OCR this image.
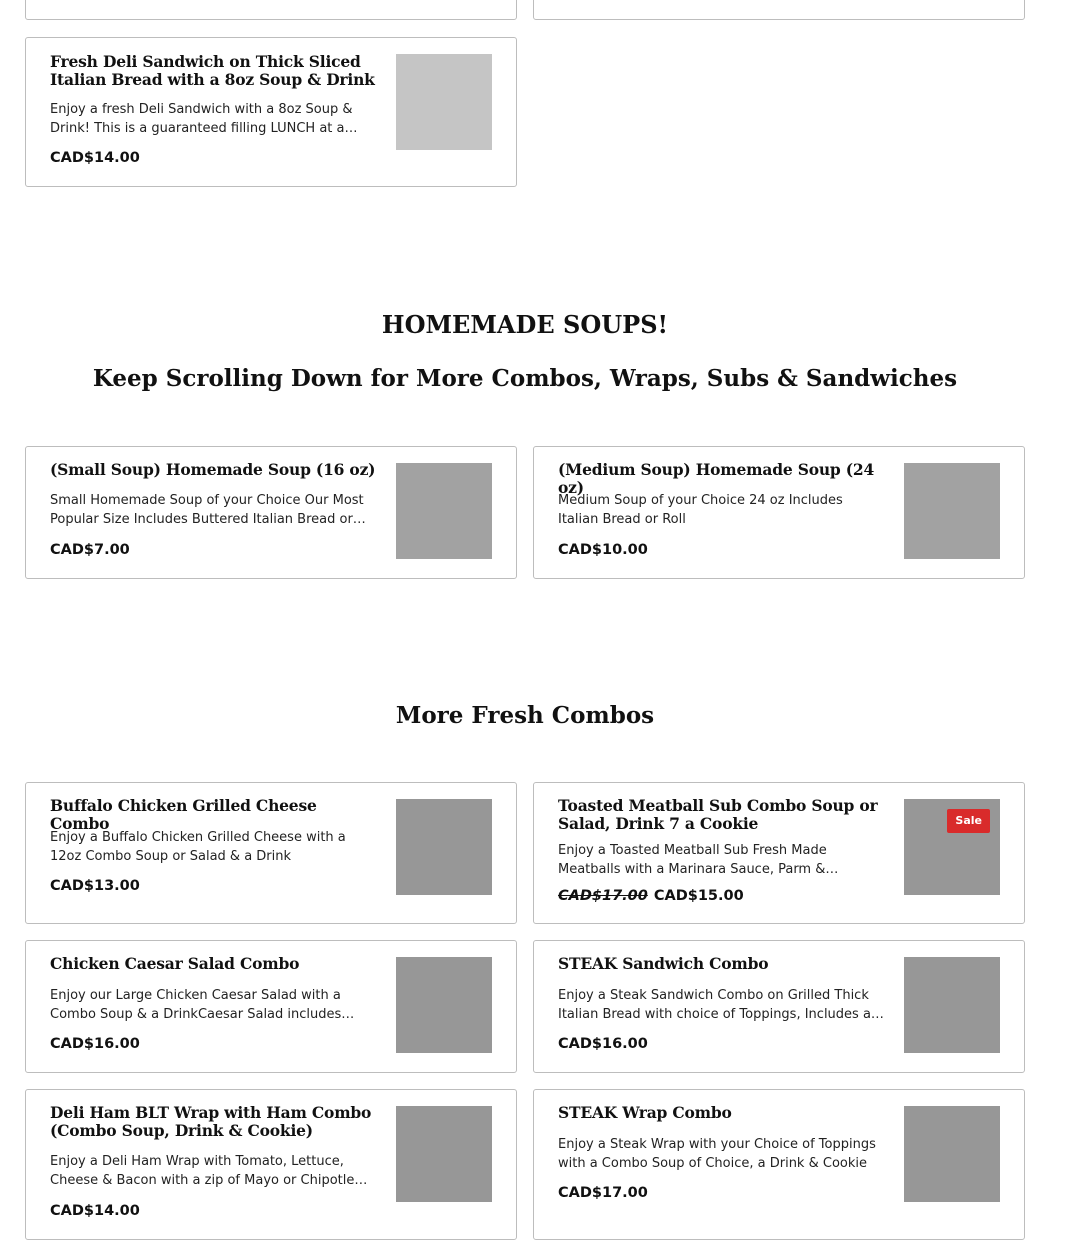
Fresh Deli Sandwich on Thick Sliced Italian Bread with a 8oz Soup & Drink
Enjoy a fresh Deli Sandwich with a 8oz Soup & Drink! This is a guaranteed filling LUNCH at a
CAD$14.00
HOMEMADE SOUPS!
Keep Scrolling Down for More Combos, Wraps, Subs & Sandwiches
(Small Soup) Homemade Soup (16 oz)
Small Homemade Soup of your Choice Our Most Popular Size Includes Buttered Italian Bread or
CAD$7.00
(Medium Soup) Homemade Soup (24 oz)
Medium Soup of your Choice 24 oz Includes Italian Bread or Roll
CAD$10.00
More Fresh Combos
Buffalo Chicken Grilled Cheese Combo
Enjoy a Buffalo Chicken Grilled Cheese with a 12oz Combo Soup or Salad & a Drink
CAD$13.00
Toasted Meatball Sub Combo Soup or Salad, Drink 7 a Cookie
Enjoy a Toasted Meatball Sub Fresh Made Meatballs with a Marinara Sauce, Parm &
CAD$17.00 CAD$15.00
Sale
Chicken Caesar Salad Combo
Enjoy our Large Chicken Caesar Salad with a Combo Soup & a DrinkCaesar Salad includes
CAD$16.00
STEAK Sandwich Combo
Enjoy a Steak Sandwich Combo on Grilled Thick Italian Bread with choice of Toppings, Includes a
CAD$16.00
Deli Ham BLT Wrap with Ham Combo (Combo Soup, Drink & Cookie)
Enjoy a Deli Ham Wrap with Tomato, Lettuce, Cheese & Bacon with a zip of Mayo or Chipotle
CAD$14.00
STEAK Wrap Combo
Enjoy a Steak Wrap with your Choice of Toppings with a Combo Soup of Choice, a Drink & Cookie
CAD$17.00
